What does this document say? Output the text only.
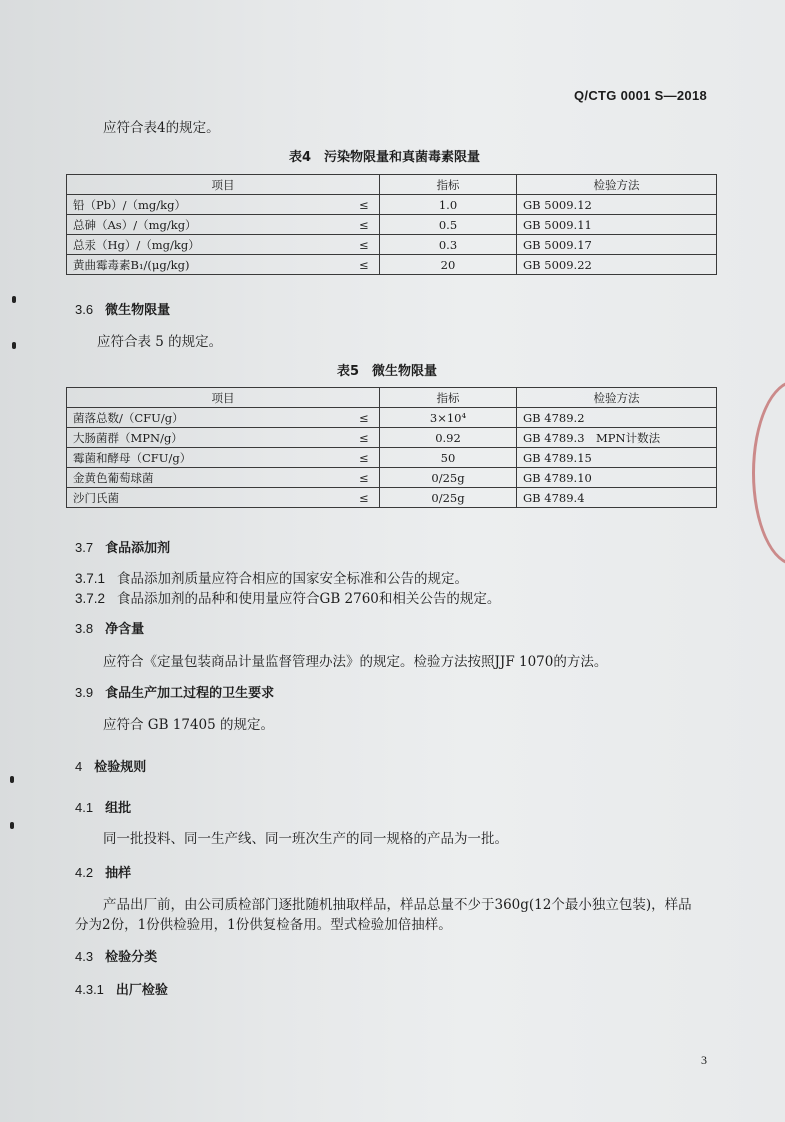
Q/CTG 0001 S—2018
应符合表4的规定。
表4　污染物限量和真菌毒素限量
项目		指标	检验方法
铅（Pb）/（mg/kg）	≤	1.0	GB 5009.12
总砷（As）/（mg/kg）	≤	0.5	GB 5009.11
总汞（Hg）/（mg/kg）	≤	0.3	GB 5009.17
黄曲霉毒素B₁/(μg/kg)	≤	20	GB 5009.22
3.6 微生物限量
应符合表 5 的规定。
表5　微生物限量
项目		指标	检验方法
菌落总数/（CFU/g）	≤	3×10⁴	GB 4789.2
大肠菌群（MPN/g）	≤	0.92	GB 4789.3　MPN计数法
霉菌和酵母（CFU/g）	≤	50	GB 4789.15
金黄色葡萄球菌	≤	0/25g	GB 4789.10
沙门氏菌	≤	0/25g	GB 4789.4
3.7 食品添加剂
3.7.1 食品添加剂质量应符合相应的国家安全标准和公告的规定。
3.7.2 食品添加剂的品种和使用量应符合GB 2760和相关公告的规定。
3.8 净含量
应符合《定量包装商品计量监督管理办法》的规定。检验方法按照JJF 1070的方法。
3.9 食品生产加工过程的卫生要求
应符合 GB 17405 的规定。
4 检验规则
4.1 组批
同一批投料、同一生产线、同一班次生产的同一规格的产品为一批。
4.2 抽样
产品出厂前，由公司质检部门逐批随机抽取样品，样品总量不少于360g(12个最小独立包装)，样品
分为2份，1份供检验用，1份供复检备用。型式检验加倍抽样。
4.3 检验分类
4.3.1 出厂检验
3
